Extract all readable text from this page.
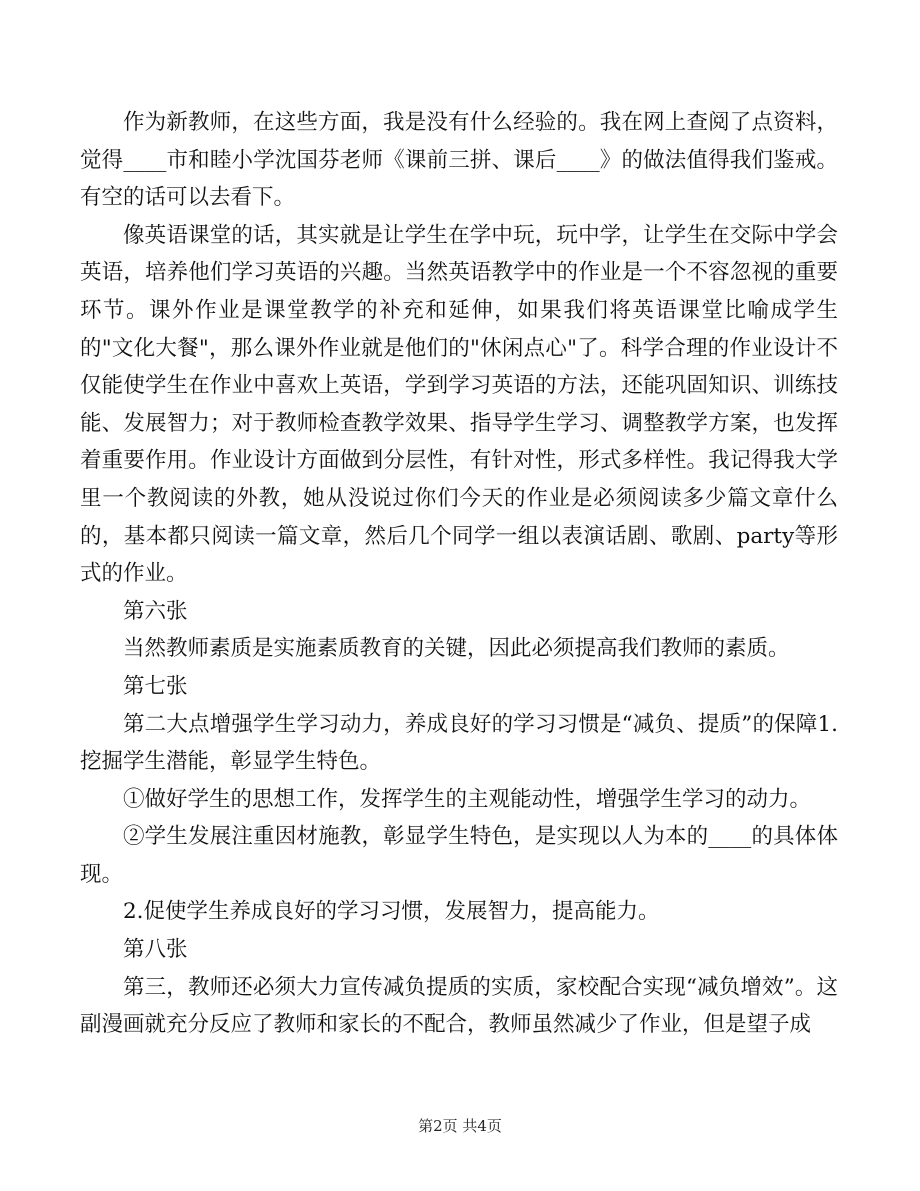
作为新教师，在这些方面，我是没有什么经验的。我在网上查阅了点资料，觉得____市和睦小学沈国芬老师《课前三拼、课后____》的做法值得我们鉴戒。有空的话可以去看下。

像英语课堂的话，其实就是让学生在学中玩，玩中学，让学生在交际中学会英语，培养他们学习英语的兴趣。当然英语教学中的作业是一个不容忽视的重要环节。课外作业是课堂教学的补充和延伸，如果我们将英语课堂比喻成学生的"文化大餐"，那么课外作业就是他们的"休闲点心"了。科学合理的作业设计不仅能使学生在作业中喜欢上英语，学到学习英语的方法，还能巩固知识、训练技能、发展智力；对于教师检查教学效果、指导学生学习、调整教学方案，也发挥着重要作用。作业设计方面做到分层性，有针对性，形式多样性。我记得我大学里一个教阅读的外教，她从没说过你们今天的作业是必须阅读多少篇文章什么的，基本都只阅读一篇文章，然后几个同学一组以表演话剧、歌剧、party等形式的作业。

第六张

当然教师素质是实施素质教育的关键，因此必须提高我们教师的素质。

第七张

第二大点增强学生学习动力，养成良好的学习习惯是“减负、提质”的保障1.挖掘学生潜能，彰显学生特色。

①做好学生的思想工作，发挥学生的主观能动性，增强学生学习的动力。

②学生发展注重因材施教，彰显学生特色，是实现以人为本的____的具体体现。

2.促使学生养成良好的学习习惯，发展智力，提高能力。

第八张

第三，教师还必须大力宣传减负提质的实质，家校配合实现“减负增效”。这副漫画就充分反应了教师和家长的不配合，教师虽然减少了作业，但是望子成

第2页 共4页
